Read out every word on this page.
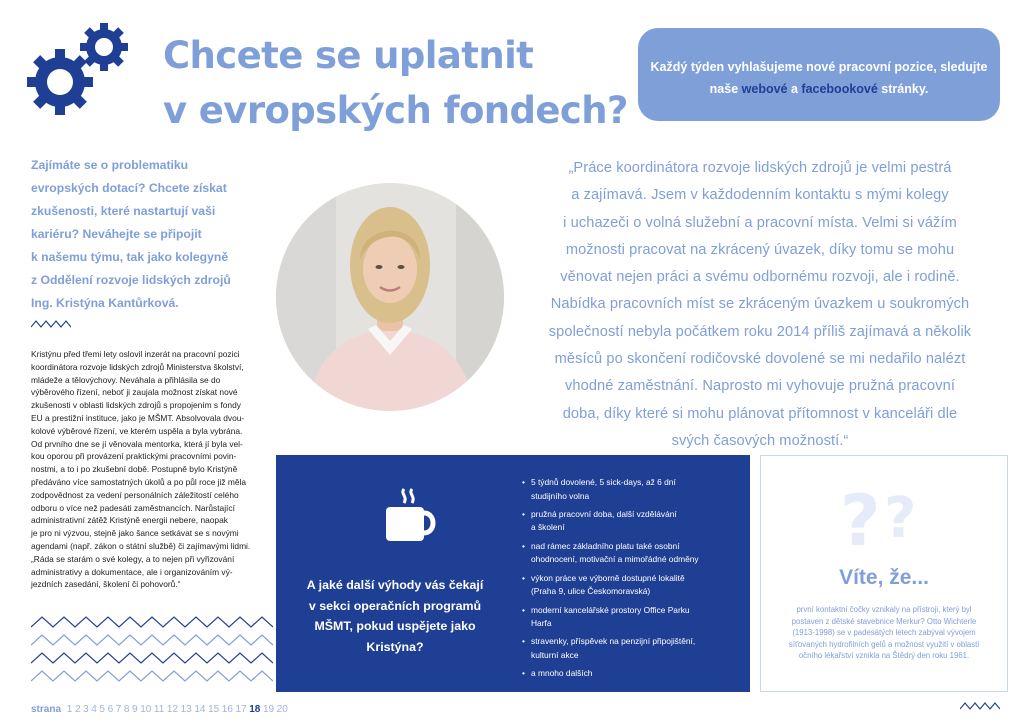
Chcete se uplatnit
v evropských fondech?
Každý týden vyhlašujeme nové pracovní pozice, sledujte
naše webové a facebookové stránky.
Zajímáte se o problematiku
evropských dotací? Chcete získat
zkušenosti, které nastartují vaši
kariéru? Neváhejte se připojit
k našemu týmu, tak jako kolegyně
z Oddělení rozvoje lidských zdrojů
Ing. Kristýna Kantůrková.
Kristýnu před třemi lety oslovil inzerát na pracovní pozici
koordinátora rozvoje lidských zdrojů Ministerstva školství,
mládeže a tělovýchovy. Neváhala a přihlásila se do
výběrového řízení, neboť ji zaujala možnost získat nové
zkušenosti v oblasti lidských zdrojů s propojením s fondy
EU a prestižní instituce, jako je MŠMT. Absolvovala dvou-
kolové výběrové řízení, ve kterém uspěla a byla vybrána.
Od prvního dne se jí věnovala mentorka, která jí byla vel-
kou oporou při provázení praktickými pracovními povin-
nostmi, a to i po zkušební době. Postupně bylo Kristýně
předáváno více samostatných úkolů a po půl roce již měla
zodpovědnost za vedení personálních záležitostí celého
odboru o více než padesáti zaměstnancích. Narůstající
administrativní zátěž Kristýně energii nebere, naopak
je pro ni výzvou, stejně jako šance setkávat se s novými
agendami (např. zákon o státní službě) či zajímavými lidmi.
„Ráda se starám o své kolegy, a to nejen při vyřizování
administrativy a dokumentace, ale i organizováním vý-
jezdních zasedání, školení či pohovorů.“
„Práce koordinátora rozvoje lidských zdrojů je velmi pestrá
a zajímavá. Jsem v každodenním kontaktu s mými kolegy
i uchazeči o volná služební a pracovní místa. Velmi si vážím
možnosti pracovat na zkrácený úvazek, díky tomu se mohu
věnovat nejen práci a svému odbornému rozvoji, ale i rodině.
Nabídka pracovních míst se zkráceným úvazkem u soukromých
společností nebyla počátkem roku 2014 příliš zajímavá a několik
měsíců po skončení rodičovské dovolené se mi nedařilo nalézt
vhodné zaměstnání. Naprosto mi vyhovuje pružná pracovní
doba, díky které si mohu plánovat přítomnost v kanceláři dle
svých časových možností.“
A jaké další výhody vás čekají
v sekci operačních programů
MŠMT, pokud uspějete jako
Kristýna?
• 5 týdnů dovolené, 5 sick-days, až 6 dní
studijního volna
• pružná pracovní doba, další vzdělávání
a školení
• nad rámec základního platu také osobní
ohodnocení, motivační a mimořádné odměny
• výkon práce ve výborně dostupné lokalitě
(Praha 9, ulice Českomoravská)
• moderní kancelářské prostory Office Parku
Harfa
• stravenky, příspěvek na penzijní připojištění,
kulturní akce
• a mnoho dalších
? ?
Víte, že...
první kontaktní čočky vznikaly na přístroji, který byl
postaven z dětské stavebnice Merkur? Otto Wichterle
(1913-1998) se v padesátých letech zabýval vývojem
síťovaných hydrofilních gelů a možnost využití v oblasti
očního lékařství vznikla na Štědrý den roku 1961.
strana 1 2 3 4 5 6 7 8 9 10 11 12 13 14 15 16 17 18 19 20
